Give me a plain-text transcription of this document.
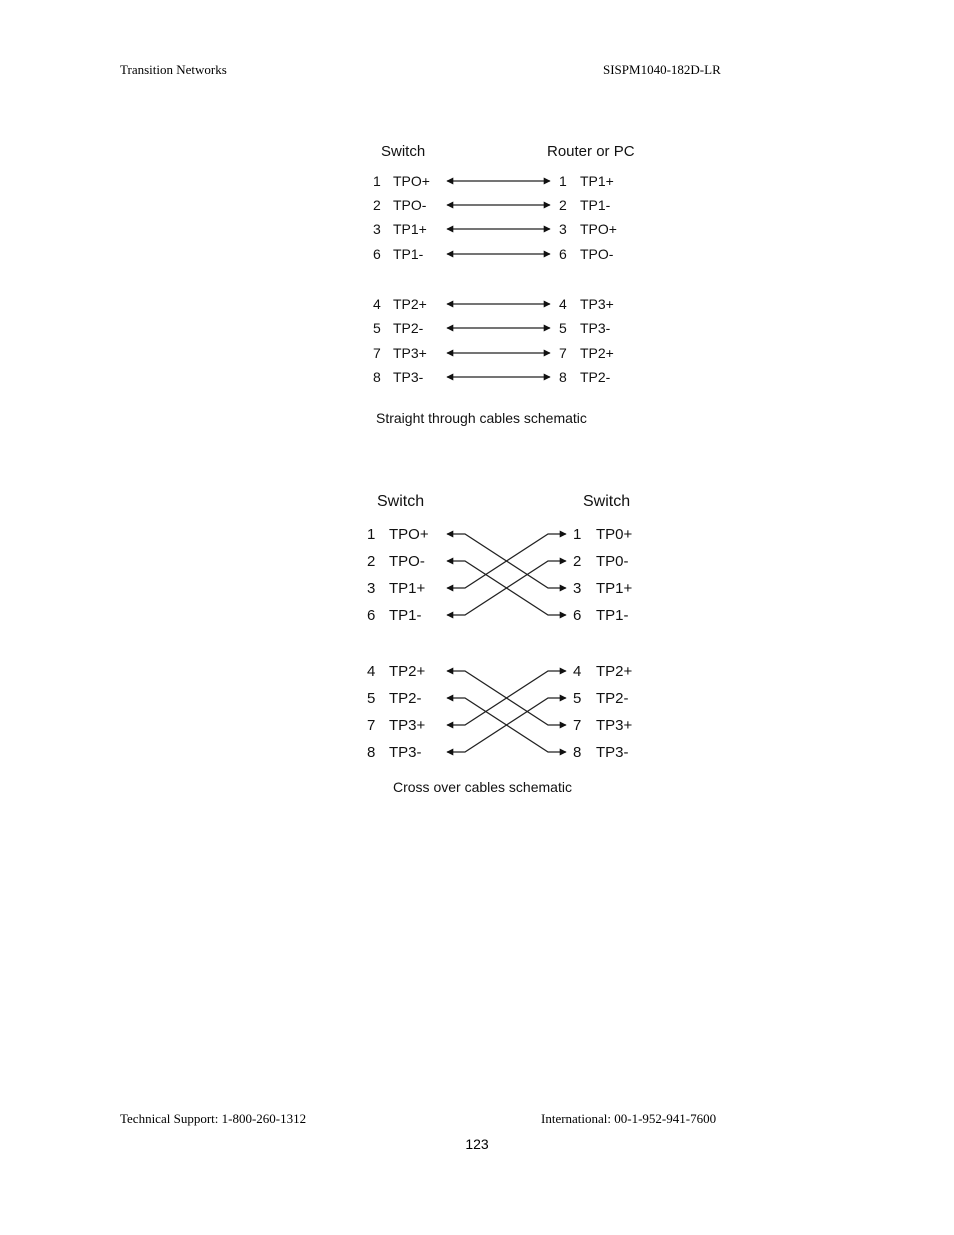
Transition Networks	SISPM1040-182D-LR
Switch	Router or PC
1 TPO+	1 TP1+
2 TPO-	2 TP1-
3 TP1+	3 TPO+
6 TP1-	6 TPO-
4 TP2+	4 TP3+
5 TP2-	5 TP3-
7 TP3+	7 TP2+
8 TP3-	8 TP2-
Straight through cables schematic
Switch	Switch
1 TPO+	1 TP0+
2 TPO-	2 TP0-
3 TP1+	3 TP1+
6 TP1-	6 TP1-
4 TP2+	4 TP2+
5 TP2-	5 TP2-
7 TP3+	7 TP3+
8 TP3-	8 TP3-
Cross over cables schematic
Technical Support: 1-800-260-1312	International: 00-1-952-941-7600
123
